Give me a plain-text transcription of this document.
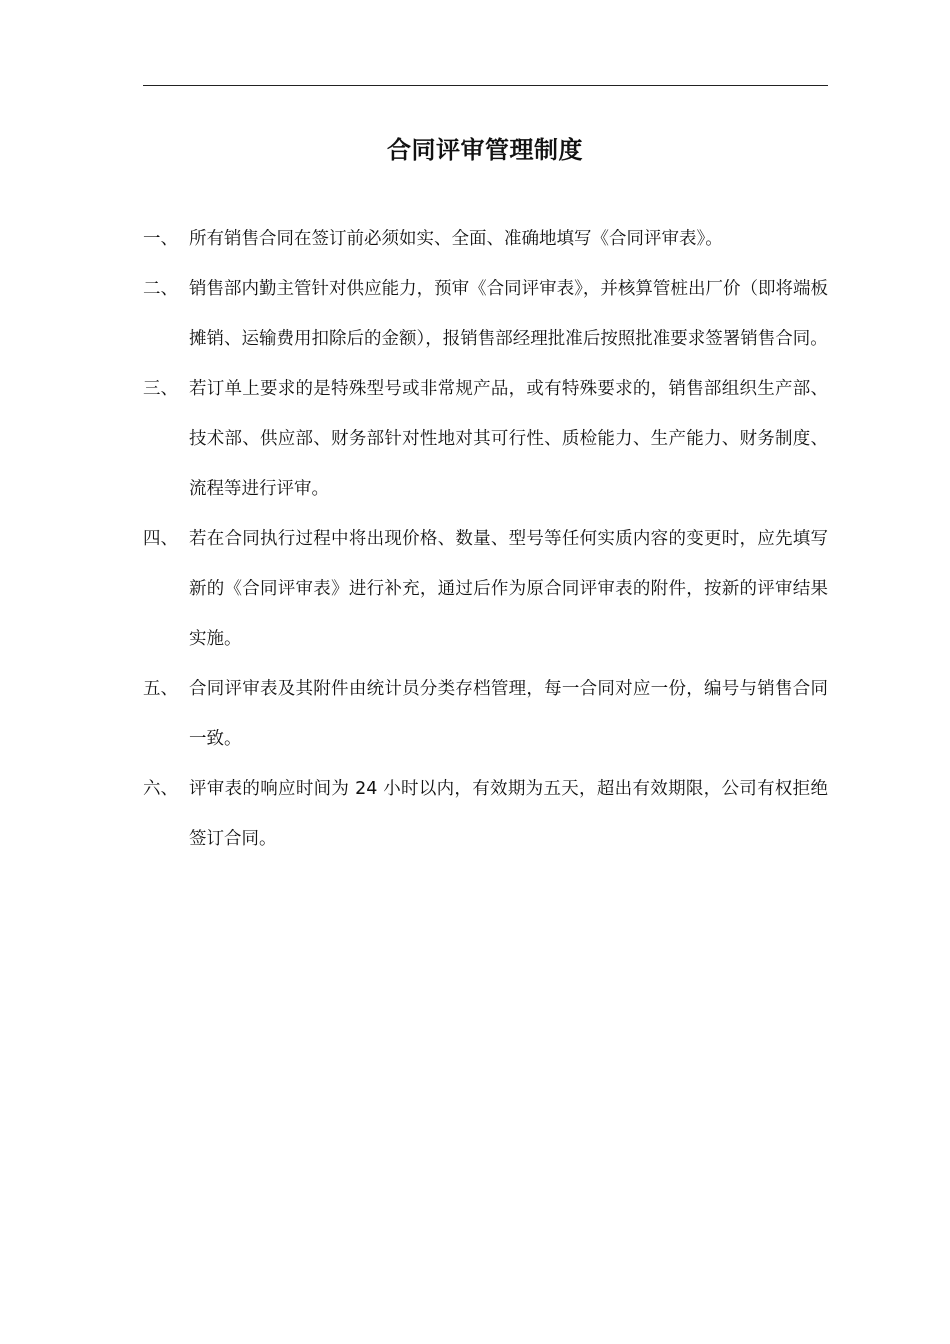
合同评审管理制度
一、 所有销售合同在签订前必须如实、全面、准确地填写《合同评审表》。
二、 销售部内勤主管针对供应能力，预审《合同评审表》，并核算管桩出厂价（即将端板摊销、运输费用扣除后的金额），报销售部经理批准后按照批准要求签署销售合同。
三、 若订单上要求的是特殊型号或非常规产品，或有特殊要求的，销售部组织生产部、技术部、供应部、财务部针对性地对其可行性、质检能力、生产能力、财务制度、流程等进行评审。
四、 若在合同执行过程中将出现价格、数量、型号等任何实质内容的变更时，应先填写新的《合同评审表》进行补充，通过后作为原合同评审表的附件，按新的评审结果实施。
五、 合同评审表及其附件由统计员分类存档管理，每一合同对应一份，编号与销售合同一致。
六、 评审表的响应时间为 24 小时以内，有效期为五天，超出有效期限，公司有权拒绝签订合同。
